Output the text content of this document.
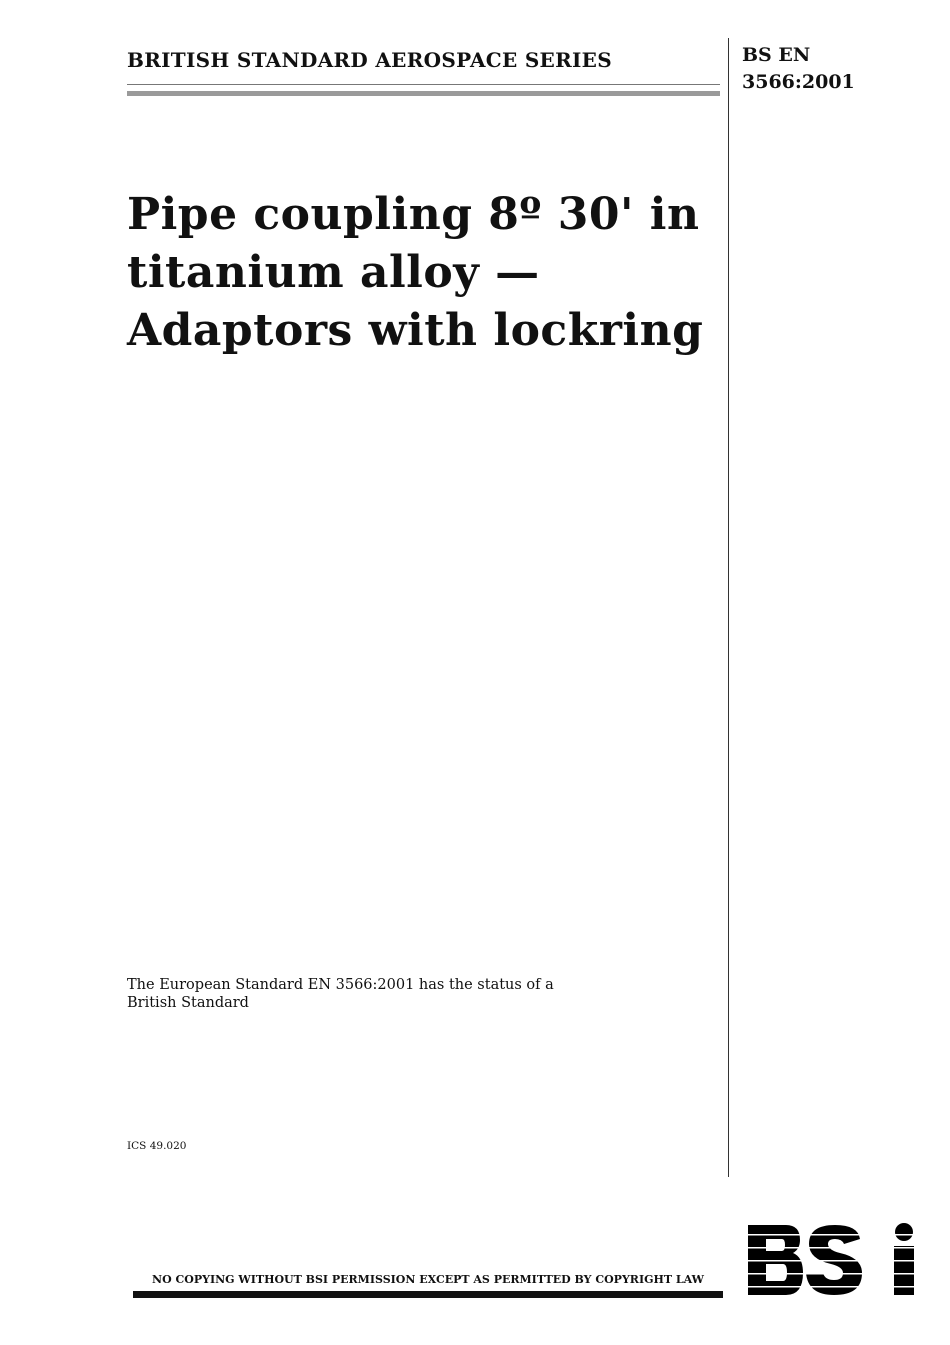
BRITISH STANDARD AEROSPACE SERIES	BS EN
3566:2001
Pipe coupling 8º 30' in
titanium alloy —
Adaptors with lockring
The European Standard EN 3566:2001 has the status of a
British Standard
ICS 49.020
NO COPYING WITHOUT BSI PERMISSION EXCEPT AS PERMITTED BY COPYRIGHT LAW
